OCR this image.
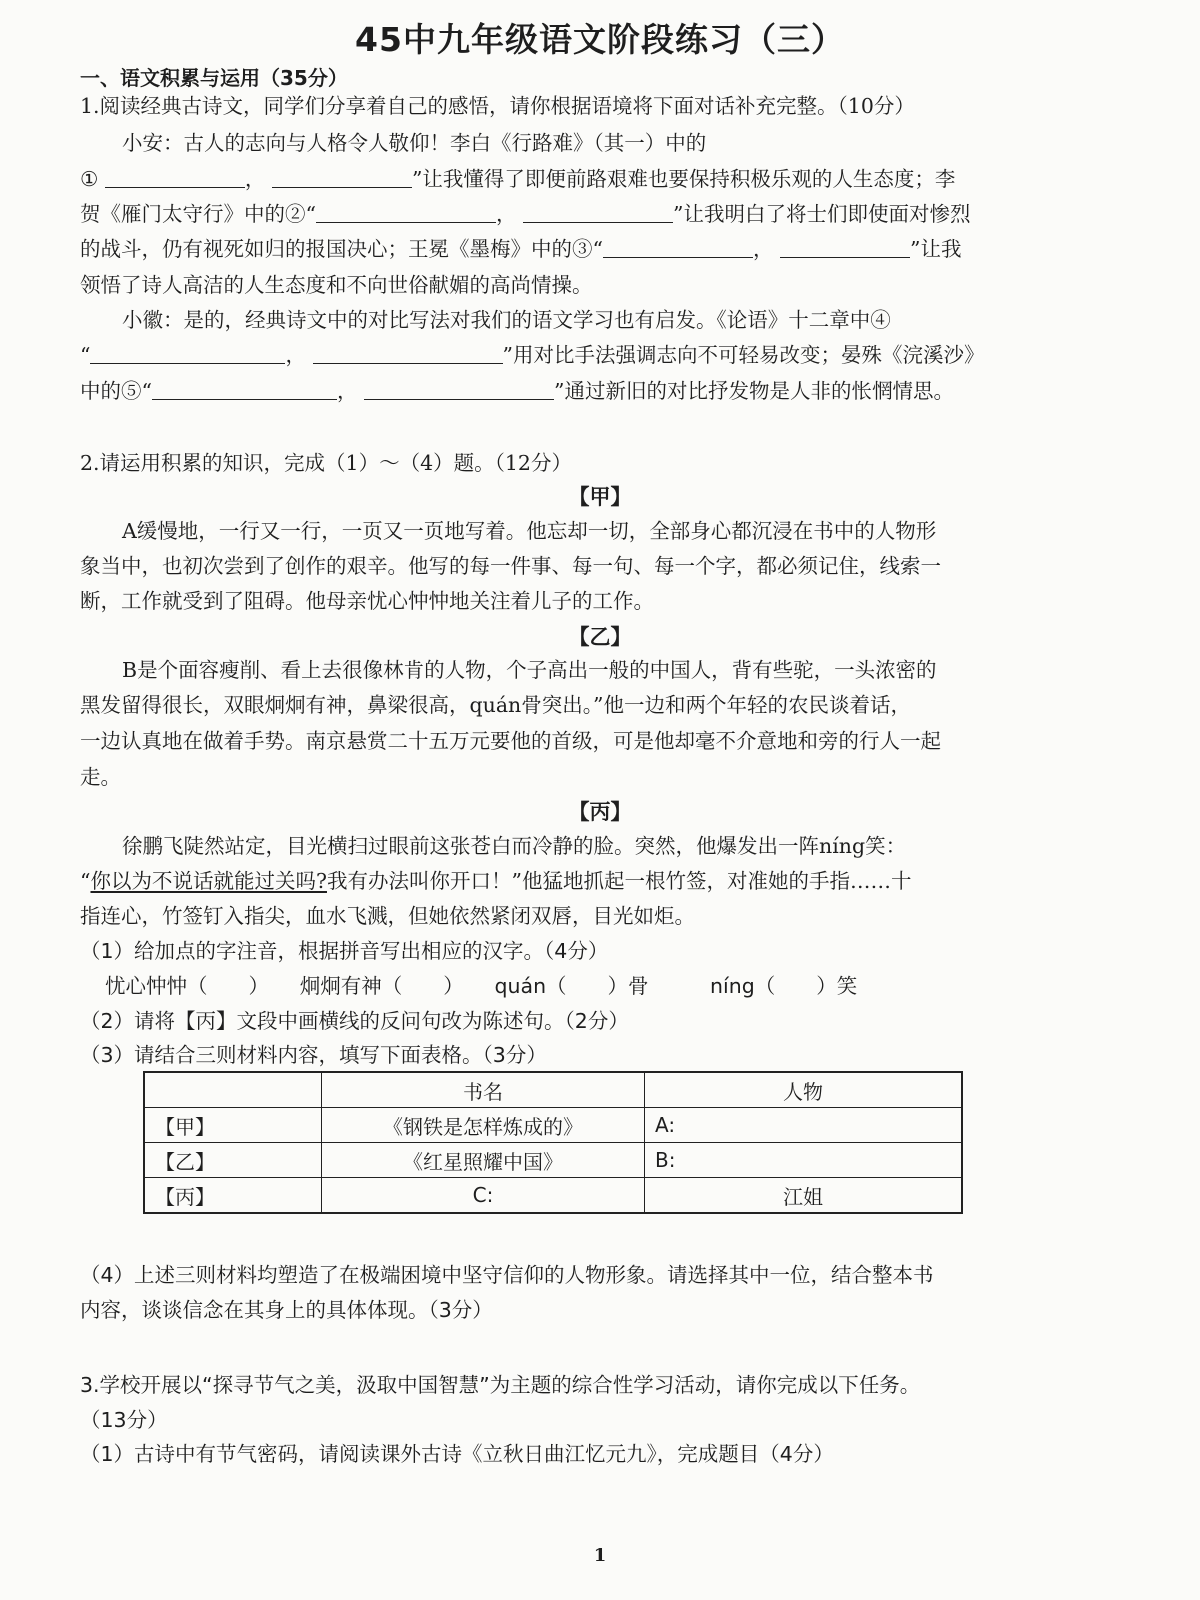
45中九年级语文阶段练习（三）
一、语文积累与运用（35分）
1.阅读经典古诗文，同学们分享着自己的感悟，请你根据语境将下面对话补充完整。（10分）
小安：古人的志向与人格令人敬仰！李白《行路难》（其一）中的
①	，	”让我懂得了即便前路艰难也要保持积极乐观的人生态度；李
贺《雁门太守行》中的②“	，	”让我明白了将士们即使面对惨烈
的战斗，仍有视死如归的报国决心；王冕《墨梅》中的③“	，	”让我
领悟了诗人高洁的人生态度和不向世俗献媚的高尚情操。
小徽：是的，经典诗文中的对比写法对我们的语文学习也有启发。《论语》十二章中④
“	，	”用对比手法强调志向不可轻易改变；晏殊《浣溪沙》
中的⑤“	，	”通过新旧的对比抒发物是人非的怅惘情思。
2.请运用积累的知识，完成（1）～（4）题。（12分）
【甲】
A缓慢地，一行又一行，一页又一页地写着。他忘却一切，全部身心都沉浸在书中的人物形
象当中，也初次尝到了创作的艰辛。他写的每一件事、每一句、每一个字，都必须记住，线索一
断，工作就受到了阻碍。他母亲忧心忡忡地关注着儿子的工作。
【乙】
B是个面容瘦削、看上去很像林肯的人物，个子高出一般的中国人，背有些驼，一头浓密的
黑发留得很长，双眼炯炯有神，鼻梁很高，quán骨突出。”他一边和两个年轻的农民谈着话，
一边认真地在做着手势。南京悬赏二十五万元要他的首级，可是他却毫不介意地和旁的行人一起
走。
【丙】
徐鹏飞陡然站定，目光横扫过眼前这张苍白而冷静的脸。突然，他爆发出一阵níng笑：
“你以为不说话就能过关吗?我有办法叫你开口！”他猛地抓起一根竹签，对准她的手指……十
指连心，竹签钉入指尖，血水飞溅，但她依然紧闭双唇，目光如炬。
（1）给加点的字注音，根据拼音写出相应的汉字。（4分）
忧心忡忡（　　）　　炯炯有神（　　）　　quán（　　）骨　　　níng（　　）笑
（2）请将【丙】文段中画横线的反问句改为陈述句。（2分）
（3）请结合三则材料内容，填写下面表格。（3分）
	书名	人物
【甲】	《钢铁是怎样炼成的》	A:
【乙】	《红星照耀中国》	B:
【丙】	C:	江姐
（4）上述三则材料均塑造了在极端困境中坚守信仰的人物形象。请选择其中一位，结合整本书
内容，谈谈信念在其身上的具体体现。（3分）
3.学校开展以“探寻节气之美，汲取中国智慧”为主题的综合性学习活动，请你完成以下任务。
（13分）
（1）古诗中有节气密码，请阅读课外古诗《立秋日曲江忆元九》，完成题目（4分）
1
